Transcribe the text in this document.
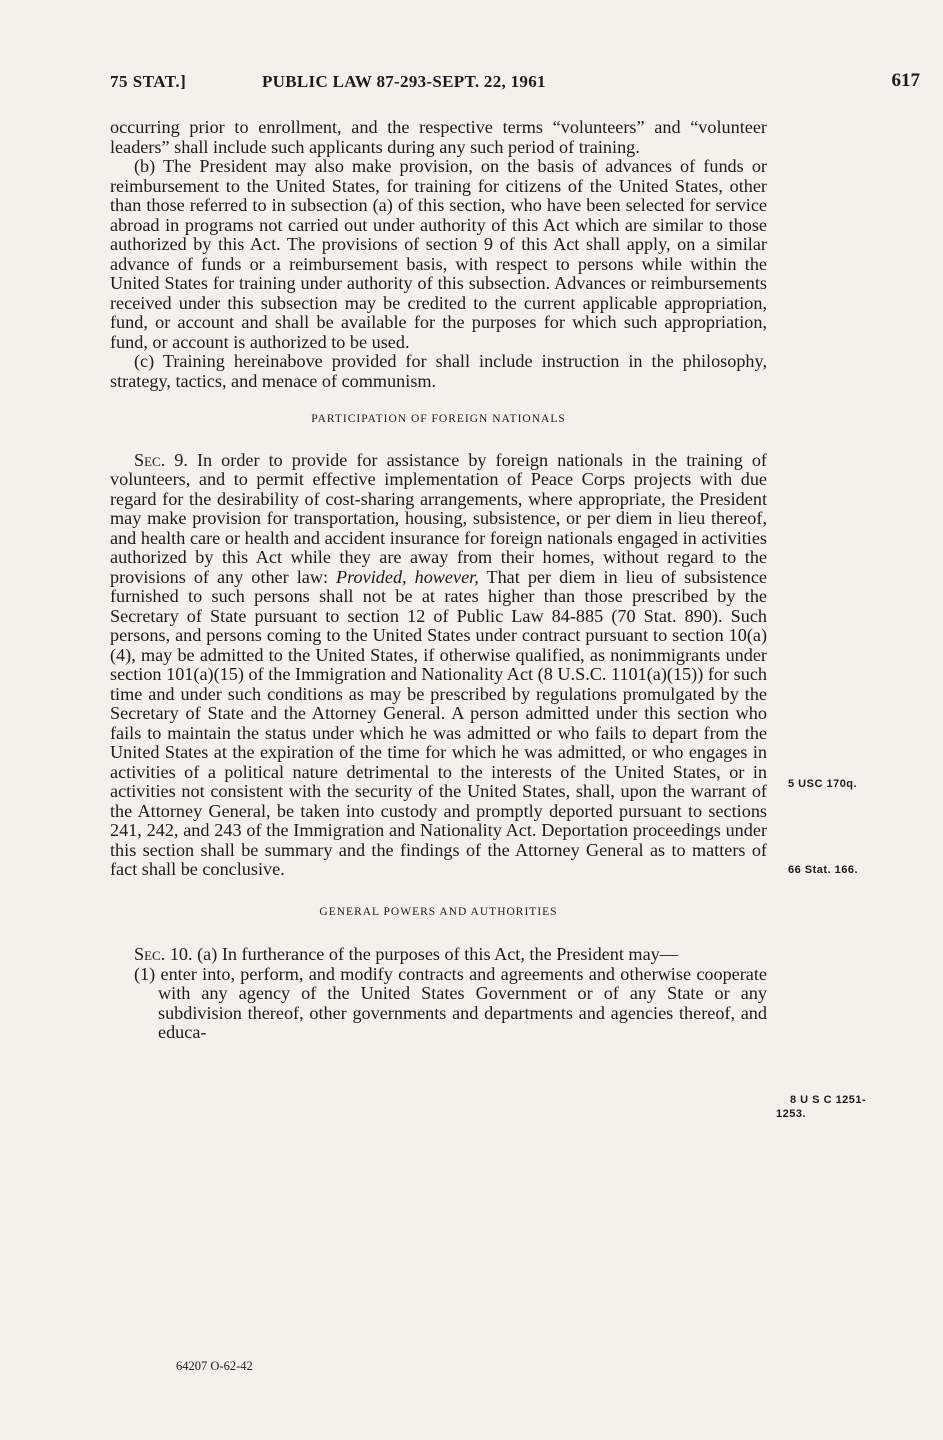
75 STAT.]	PUBLIC LAW 87-293-SEPT. 22, 1961	617

occurring prior to enrollment, and the respective terms “volunteers” and “volunteer leaders” shall include such applicants during any such period of training.

(b) The President may also make provision, on the basis of advances of funds or reimbursement to the United States, for training for citizens of the United States, other than those referred to in subsection (a) of this section, who have been selected for service abroad in programs not carried out under authority of this Act which are similar to those authorized by this Act. The provisions of section 9 of this Act shall apply, on a similar advance of funds or a reimbursement basis, with respect to persons while within the United States for training under authority of this subsection. Advances or reimbursements received under this subsection may be credited to the current applicable appropriation, fund, or account and shall be available for the purposes for which such appropriation, fund, or account is authorized to be used.

(c) Training hereinabove provided for shall include instruction in the philosophy, strategy, tactics, and menace of communism.

PARTICIPATION OF FOREIGN NATIONALS

Sec. 9. In order to provide for assistance by foreign nationals in the training of volunteers, and to permit effective implementation of Peace Corps projects with due regard for the desirability of cost-sharing arrangements, where appropriate, the President may make provision for transportation, housing, subsistence, or per diem in lieu thereof, and health care or health and accident insurance for foreign nationals engaged in activities authorized by this Act while they are away from their homes, without regard to the provisions of any other law: Provided, however, That per diem in lieu of subsistence furnished to such persons shall not be at rates higher than those prescribed by the Secretary of State pursuant to section 12 of Public Law 84-885 (70 Stat. 890). Such persons, and persons coming to the United States under contract pursuant to section 10(a)(4), may be admitted to the United States, if otherwise qualified, as nonimmigrants under section 101(a)(15) of the Immigration and Nationality Act (8 U.S.C. 1101(a)(15)) for such time and under such conditions as may be prescribed by regulations promulgated by the Secretary of State and the Attorney General. A person admitted under this section who fails to maintain the status under which he was admitted or who fails to depart from the United States at the expiration of the time for which he was admitted, or who engages in activities of a political nature detrimental to the interests of the United States, or in activities not consistent with the security of the United States, shall, upon the warrant of the Attorney General, be taken into custody and promptly deported pursuant to sections 241, 242, and 243 of the Immigration and Nationality Act. Deportation proceedings under this section shall be summary and the findings of the Attorney General as to matters of fact shall be conclusive.

GENERAL POWERS AND AUTHORITIES

Sec. 10. (a) In furtherance of the purposes of this Act, the President may—

(1) enter into, perform, and modify contracts and agreements and otherwise cooperate with any agency of the United States Government or of any State or any subdivision thereof, other governments and departments and agencies thereof, and educa-

5 USC 170q.
66 Stat. 166.
8 U S C 1251-
1253.
64207 O-62-42
